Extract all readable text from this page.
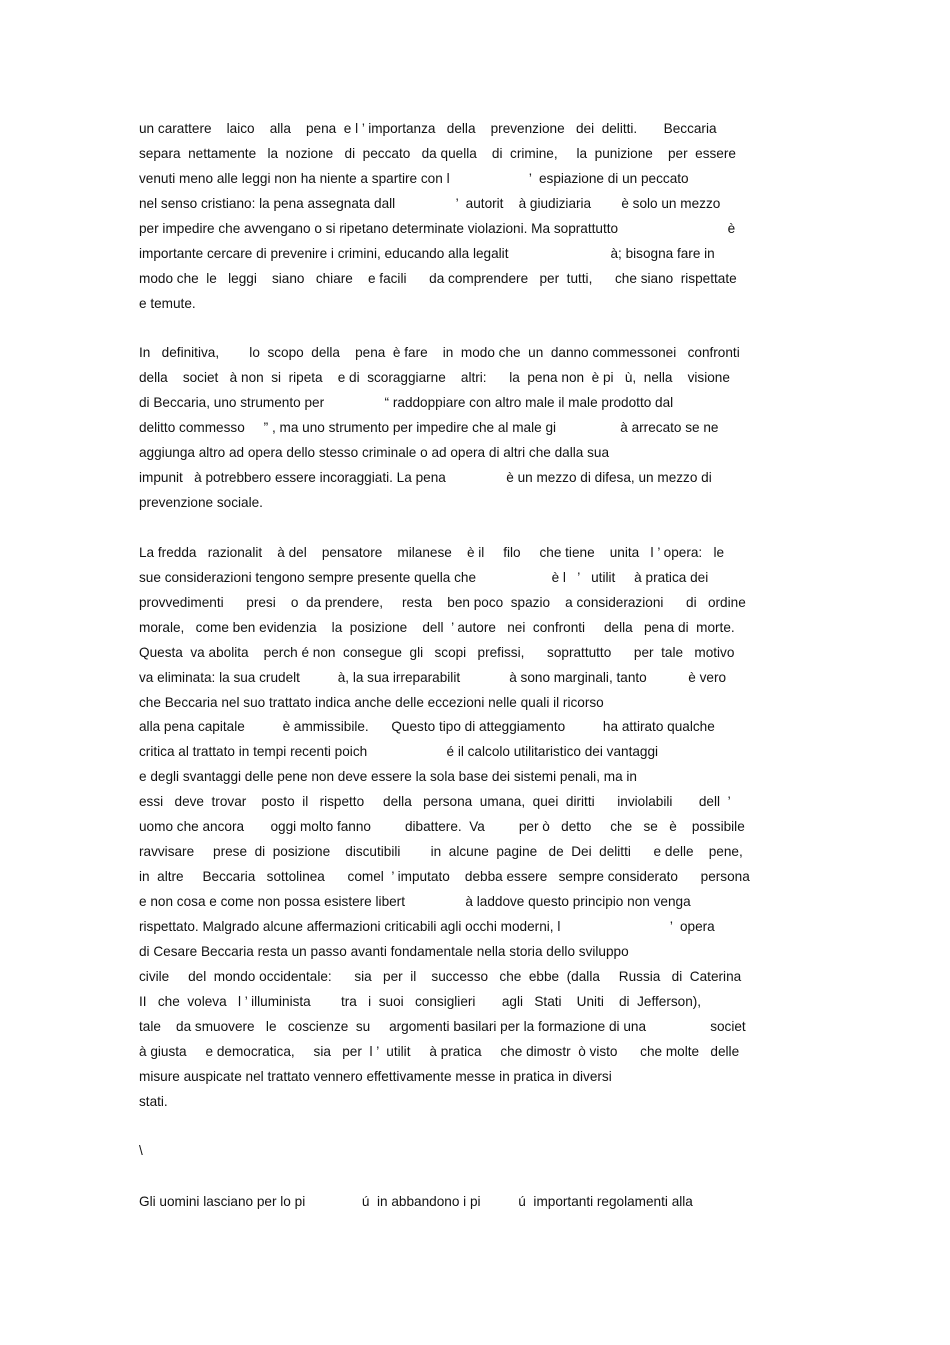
un carattere    laico    alla    pena  e l ’ importanza   della    prevenzione   dei  delitti.       Beccaria
separa  nettamente   la  nozione   di  peccato   da quella    di  crimine,     la  punizione    per  essere
venuti meno alle leggi non ha niente a spartire con l                     ’  espiazione di un peccato
nel senso cristiano: la pena assegnata dall                ’  autorit    à giudiziaria        è solo un mezzo
per impedire che avvengano o si ripetano determinate violazioni. Ma soprattutto                             è
importante cercare di prevenire i crimini, educando alla legalit                           à; bisogna fare in
modo che  le   leggi    siano   chiare    e facili      da comprendere   per  tutti,      che siano  rispettate
e temute.
In   definitiva,        lo  scopo  della    pena  è fare    in  modo che  un  danno commessonei   confronti
della    societ   à non  si  ripeta    e di  scoraggiarne    altri:      la  pena non  è pi   ù,  nella    visione
di Beccaria, uno strumento per                “ raddoppiare con altro male il male prodotto dal
delitto commesso     ” , ma uno strumento per impedire che al male gi                 à arrecato se ne
aggiunga altro ad opera dello stesso criminale o ad opera di altri che dalla sua
impunit   à potrebbero essere incoraggiati. La pena                è un mezzo di difesa, un mezzo di
prevenzione sociale.
La fredda   razionalit    à del    pensatore    milanese    è il     filo     che tiene    unita   l ’ opera:   le
sue considerazioni tengono sempre presente quella che                    è l   ’   utilit     à pratica dei
provvedimenti      presi    o  da prendere,     resta    ben poco  spazio    a considerazioni      di   ordine
morale,   come ben evidenzia    la  posizione    dell  ’ autore   nei  confronti     della   pena di  morte.
Questa  va abolita    perch é non  consegue  gli   scopi   prefissi,      soprattutto      per  tale   motivo
va eliminata: la sua crudelt          à, la sua irreparabilit             à sono marginali, tanto           è vero
che Beccaria nel suo trattato indica anche delle eccezioni nelle quali il ricorso
alla pena capitale          è ammissibile.      Questo tipo di atteggiamento          ha attirato qualche
critica al trattato in tempi recenti poich                     é il calcolo utilitaristico dei vantaggi
e degli svantaggi delle pene non deve essere la sola base dei sistemi penali, ma in
essi   deve  trovar    posto  il   rispetto     della   persona  umana,  quei  diritti      inviolabili       dell  ’
uomo che ancora       oggi molto fanno         dibattere.  Va         per ò   detto     che   se   è    possibile
ravvisare     prese  di  posizione    discutibili        in  alcune  pagine   de  Dei  delitti      e delle    pene,
in  altre     Beccaria   sottolinea      comel  ’ imputato    debba essere   sempre considerato      persona
e non cosa e come non possa esistere libert                à laddove questo principio non venga
rispettato. Malgrado alcune affermazioni criticabili agli occhi moderni, l                             ’  opera
di Cesare Beccaria resta un passo avanti fondamentale nella storia dello sviluppo
civile     del  mondo occidentale:      sia   per  il    successo   che  ebbe  (dalla     Russia   di  Caterina
II   che  voleva   l ’ illuminista        tra   i  suoi   consiglieri       agli   Stati    Uniti    di  Jefferson),
tale    da smuovere   le   coscienze  su     argomenti basilari per la formazione di una                 societ
à giusta     e democratica,     sia   per  l ’  utilit     à pratica     che dimostr  ò visto      che molte   delle
misure auspicate nel trattato vennero effettivamente messe in pratica in diversi
stati.
\
Gli uomini lasciano per lo pi               ú  in abbandono i pi          ú  importanti regolamenti alla
